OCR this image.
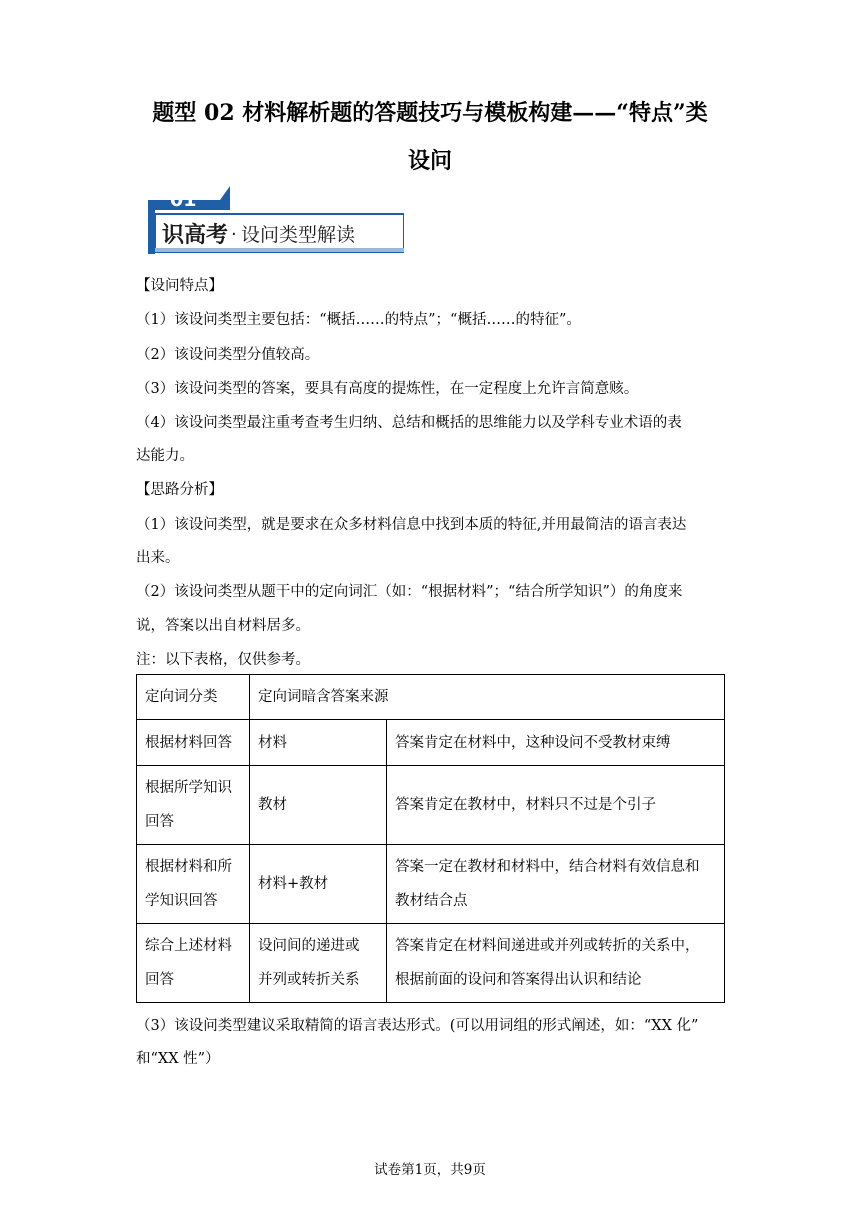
题型 02 材料解析题的答题技巧与模板构建——“特点”类
设问
01
识高考 · 设问类型解读
【设问特点】
（1）该设问类型主要包括：“概括……的特点”；“概括……的特征”。
（2）该设问类型分值较高。
（3）该设问类型的答案，要具有高度的提炼性，在一定程度上允许言简意赅。
（4）该设问类型最注重考查考生归纳、总结和概括的思维能力以及学科专业术语的表
达能力。
【思路分析】
（1）该设问类型，就是要求在众多材料信息中找到本质的特征,并用最简洁的语言表达
出来。
（2）该设问类型从题干中的定向词汇（如：“根据材料”；“结合所学知识”）的角度来
说，答案以出自材料居多。
注：以下表格，仅供参考。
定向词分类	定向词暗含答案来源	
根据材料回答	材料	答案肯定在材料中，这种设问不受教材束缚
根据所学知识
回答	教材	答案肯定在教材中，材料只不过是个引子
根据材料和所
学知识回答	材料+教材	答案一定在教材和材料中，结合材料有效信息和
教材结合点
综合上述材料
回答	设问间的递进或
并列或转折关系	答案肯定在材料间递进或并列或转折的关系中，
根据前面的设问和答案得出认识和结论
（3）该设问类型建议采取精简的语言表达形式。(可以用词组的形式阐述，如：“XX 化”
和“XX 性”）
试卷第1页，共9页
